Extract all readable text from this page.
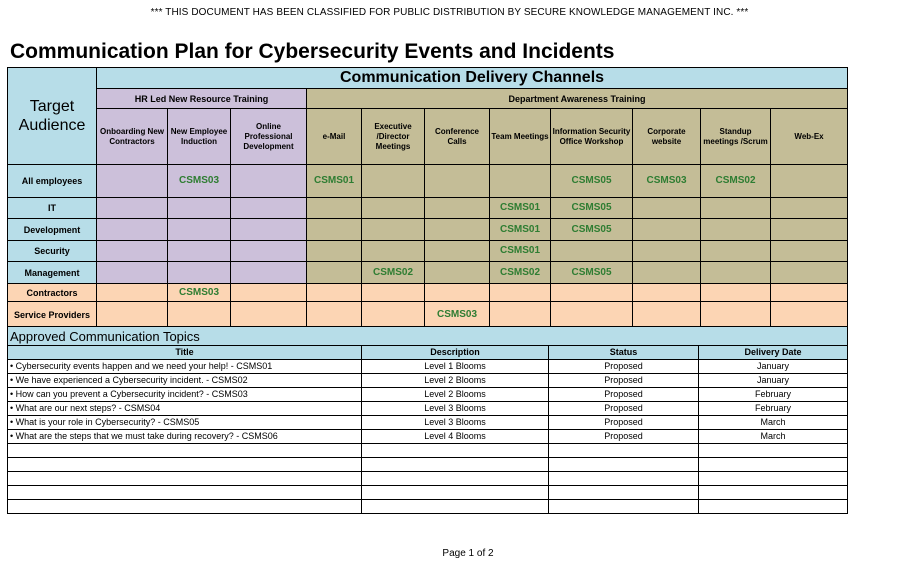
*** THIS DOCUMENT HAS BEEN CLASSIFIED FOR PUBLIC DISTRIBUTION BY SECURE KNOWLEDGE MANAGEMENT INC. ***
Communication Plan for Cybersecurity Events and Incidents
Target Audience	Communication Delivery Channels										
	HR Led New Resource Training			Department Awareness Training							
	Onboarding New Contractors	New Employee Induction	Online Professional Development	e-Mail	Executive /Director Meetings	Conference Calls	Team Meetings	Information Security Office Workshop	Corporate website	Standup meetings /Scrum	Web-Ex
All employees		CSMS03		CSMS01				CSMS05	CSMS03	CSMS02	
IT							CSMS01	CSMS05			
Development							CSMS01	CSMS05			
Security							CSMS01				
Management					CSMS02		CSMS02	CSMS05			
Contractors		CSMS03									
Service Providers						CSMS03					
Approved Communication Topics			
Title	Description	Status	Delivery Date
• Cybersecurity events happen and we need your help! - CSMS01	Level 1 Blooms	Proposed	January
• We have experienced a Cybersecurity incident. - CSMS02	Level 2 Blooms	Proposed	January
• How can you prevent a Cybersecurity incident? - CSMS03	Level 2 Blooms	Proposed	February
• What are our next steps? - CSMS04	Level 3 Blooms	Proposed	February
• What is your role in Cybersecurity? - CSMS05	Level 3 Blooms	Proposed	March
• What are the steps that we must take during recovery? - CSMS06	Level 4 Blooms	Proposed	March

Page 1 of 2
